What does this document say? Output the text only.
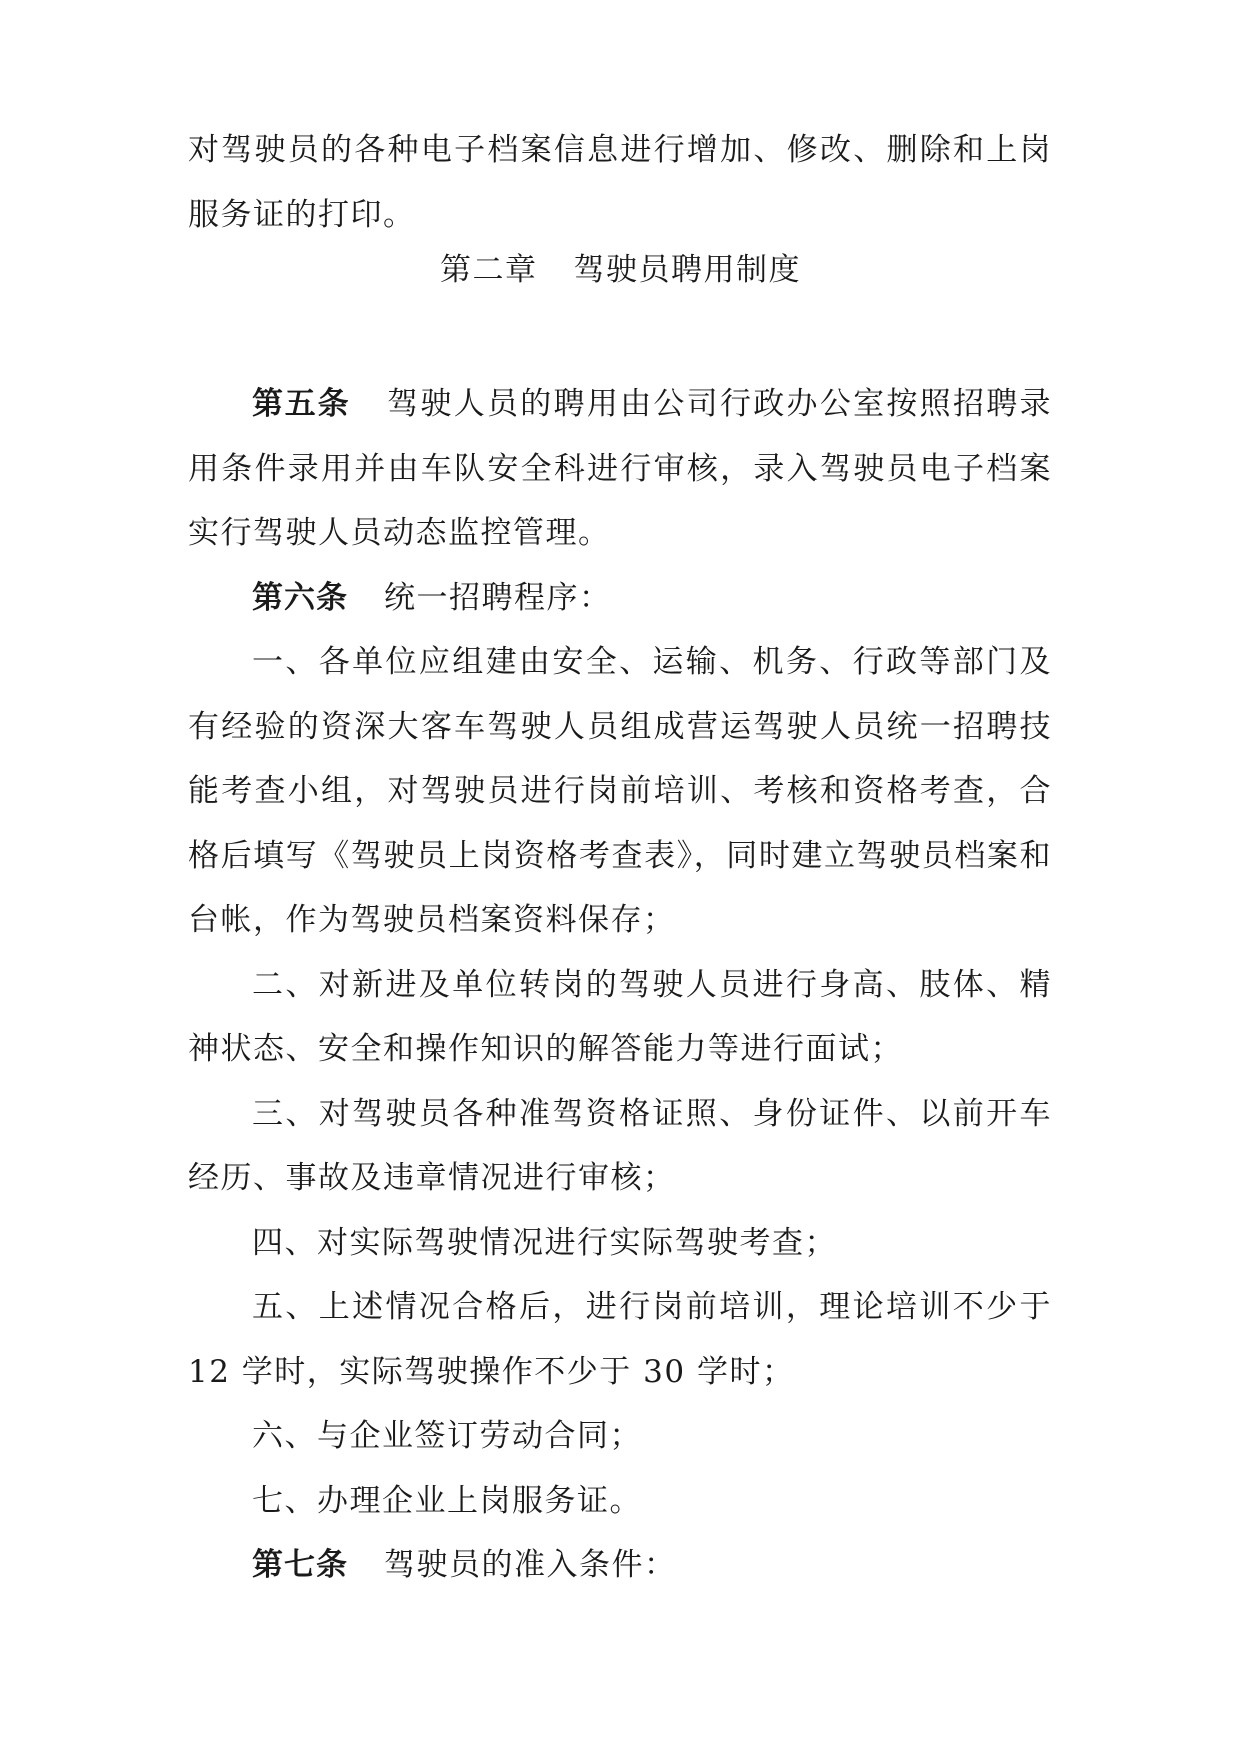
对驾驶员的各种电子档案信息进行增加、修改、删除和上岗服务证的打印。

第二章 驾驶员聘用制度

第五条 驾驶人员的聘用由公司行政办公室按照招聘录用条件录用并由车队安全科进行审核，录入驾驶员电子档案实行驾驶人员动态监控管理。

第六条 统一招聘程序：

一、各单位应组建由安全、运输、机务、行政等部门及有经验的资深大客车驾驶人员组成营运驾驶人员统一招聘技能考查小组，对驾驶员进行岗前培训、考核和资格考查，合格后填写《驾驶员上岗资格考查表》，同时建立驾驶员档案和台帐，作为驾驶员档案资料保存；

二、对新进及单位转岗的驾驶人员进行身高、肢体、精神状态、安全和操作知识的解答能力等进行面试；

三、对驾驶员各种准驾资格证照、身份证件、以前开车经历、事故及违章情况进行审核；

四、对实际驾驶情况进行实际驾驶考查；

五、上述情况合格后，进行岗前培训，理论培训不少于 12 学时，实际驾驶操作不少于 30 学时；

六、与企业签订劳动合同；

七、办理企业上岗服务证。

第七条 驾驶员的准入条件：
